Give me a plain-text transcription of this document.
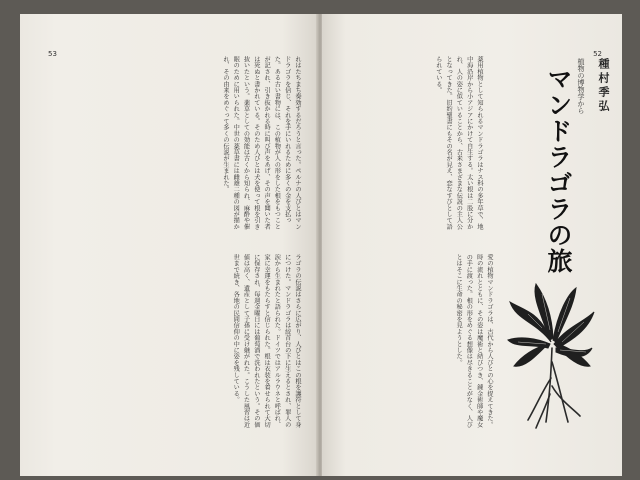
53
れはたちまち奏効するだろうと言った。ペルナの人びとはマンドラゴラを信じ、それを手にいれるために多くの金を支払った。ある古い書物には、この植物が人の形をした根をもつことが記され、引き抜かれる時に叫び声をあげ、その声を聞いた者は死ぬと書かれている。そのため人びとは犬を使って根を引き抜いたという。薬草としての効能は古くから知られ、麻酔や催眠のために用いられた。中世の薬草書には雌雄二種の図が描かれ、その由来をめぐって多くの伝説が生まれた。
ラゴラの伝説はさらに広がり、人びとはこの根を護符として身につけた。マンドラゴラは絞首台の下に生えるとされ、罪人の涙から生まれたと語られた。ドイツではアルラウネと呼ばれ、家に幸運をもたらすと信じられた。根は衣装を着せられて大切に保存され、毎週金曜日には葡萄酒で洗われたという。その価値は高く、遺産として子孫に受け継がれた。こうした風習は近世まで続き、各地の民間信仰の中に姿を残している。
52
植物の博物学から
マンドラゴラの旅 種村季弘
薬用植物として知られるマンドラゴラはナス科の多年草で、地中海沿岸から小アジアにかけて自生する。太い根は二股に分かれ、人の姿に似ていることから、古来さまざまな伝説の主人公となってきた。旧約聖書にもその名が見え、恋なすびとして語られている。
愛の植物マンドラゴラは、古代から人びとの心を捉えてきた。時の流れとともに、その姿は魔術と結びつき、錬金術師や魔女の手に渡った。根の形をめぐる想像は尽きることがなく、人びとはそこに生命の秘密を見ようとした。
